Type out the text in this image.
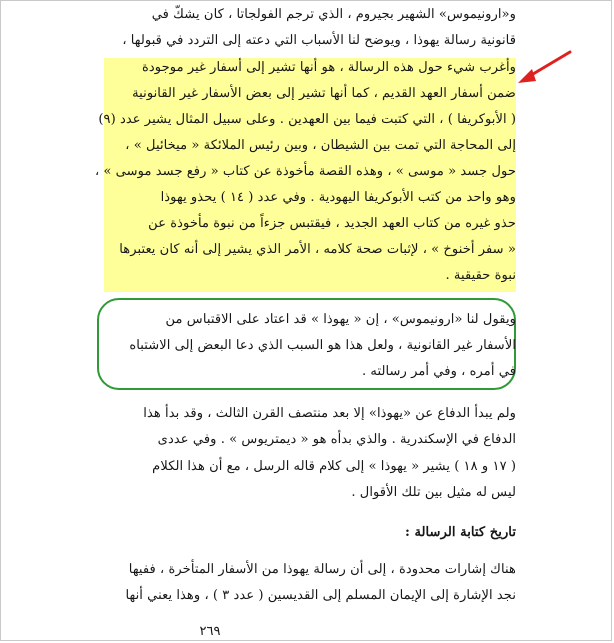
و«ارونيموس» الشهير بجيروم ، الذي ترجم الفولجاتا ، كان يشكّ في
قانونية رسالة يهوذا ، ويوضح لنا الأسباب التي دعته إلى التردد في قبولها ،
وأغرب شيء حول هذه الرسالة ، هو أنها تشير إلى أسفار غير موجودة
ضمن أسفار العهد القديم ، كما أنها تشير إلى بعض الأسفار غير القانونية
( الأبوكريفا ) ، التي كتبت فيما بين العهدين . وعلى سبيل المثال يشير عدد (٩)
إلى المحاجة التي تمت بين الشيطان ، وبين رئيس الملائكة « ميخائيل » ،
حول جسد « موسى » ، وهذه القصة مأخوذة عن كتاب « رفع جسد موسى » ،
وهو واحد من كتب الأبوكريفا اليهودية . وفي عدد ( ١٤ ) يحذو يهوذا
حذو غيره من كتاب العهد الجديد ، فيقتبس جزءاً من نبوة مأخوذة عن
« سفر أخنوخ » ، لإثبات صحة كلامه ، الأمر الذي يشير إلى أنه كان يعتبرها
نبوة حقيقية .
ويقول لنا «ارونيموس» ، إن « يهوذا » قد اعتاد على الاقتباس من
الأسفار غير القانونية ، ولعل هذا هو السبب الذي دعا البعض إلى الاشتباه
في أمره ، وفي أمر رسالته .
ولم يبدأ الدفاع عن «يهوذا» إلا بعد منتصف القرن الثالث ، وقد بدأ هذا
الدفاع في الإسكندرية . والذي بدأه هو « ديمتريوس » . وفي عددى
( ١٧ و ١٨ ) يشير « يهوذا » إلى كلام قاله الرسل ، مع أن هذا الكلام
ليس له مثيل بين تلك الأقوال .
تاريخ كتابة الرسالة :
هناك إشارات محدودة ، إلى أن رسالة يهوذا من الأسفار المتأخرة ، ففيها
نجد الإشارة إلى الإيمان المسلم إلى القديسين ( عدد ٣ ) ، وهذا يعني أنها
٢٦٩
